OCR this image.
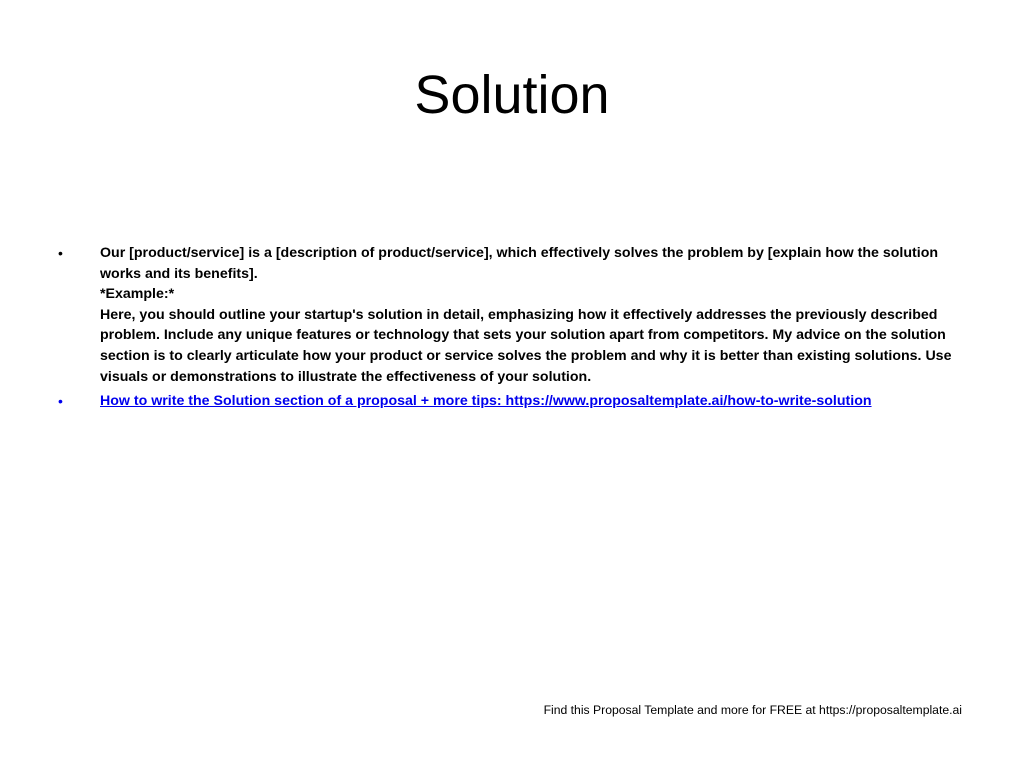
Solution
•	Our [product/service] is a [description of product/service], which effectively solves the problem by [explain how the solution works and its benefits].
*Example:*
Here, you should outline your startup's solution in detail, emphasizing how it effectively addresses the previously described problem. Include any unique features or technology that sets your solution apart from competitors. My advice on the solution section is to clearly articulate how your product or service solves the problem and why it is better than existing solutions. Use visuals or demonstrations to illustrate the effectiveness of your solution.
•	How to write the Solution section of a proposal + more tips: https://www.proposaltemplate.ai/how-to-write-solution
Find this Proposal Template and more for FREE at https://proposaltemplate.ai
